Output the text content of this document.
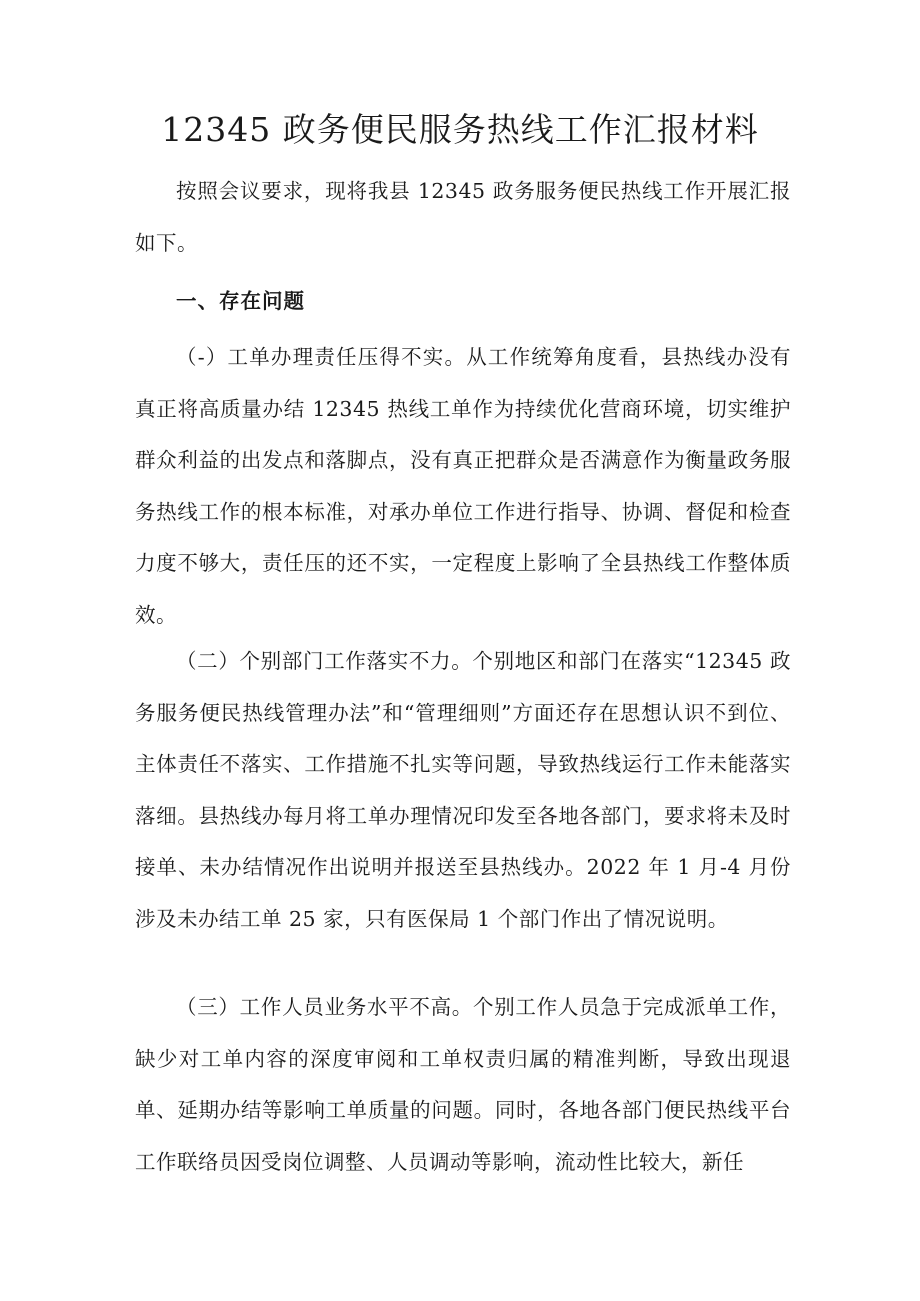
12345 政务便民服务热线工作汇报材料

按照会议要求，现将我县 12345 政务服务便民热线工作开展汇报如下。

一、存在问题

（-）工单办理责任压得不实。从工作统筹角度看，县热线办没有真正将高质量办结 12345 热线工单作为持续优化营商环境，切实维护群众利益的出发点和落脚点，没有真正把群众是否满意作为衡量政务服务热线工作的根本标准，对承办单位工作进行指导、协调、督促和检查力度不够大，责任压的还不实，一定程度上影响了全县热线工作整体质效。

（二）个别部门工作落实不力。个别地区和部门在落实“12345 政务服务便民热线管理办法”和“管理细则”方面还存在思想认识不到位、主体责任不落实、工作措施不扎实等问题，导致热线运行工作未能落实落细。县热线办每月将工单办理情况印发至各地各部门，要求将未及时接单、未办结情况作出说明并报送至县热线办。2022 年 1 月-4 月份涉及未办结工单 25 家，只有医保局 1 个部门作出了情况说明。

（三）工作人员业务水平不高。个别工作人员急于完成派单工作，缺少对工单内容的深度审阅和工单权责归属的精准判断，导致出现退单、延期办结等影响工单质量的问题。同时，各地各部门便民热线平台工作联络员因受岗位调整、人员调动等影响，流动性比较大，新任
